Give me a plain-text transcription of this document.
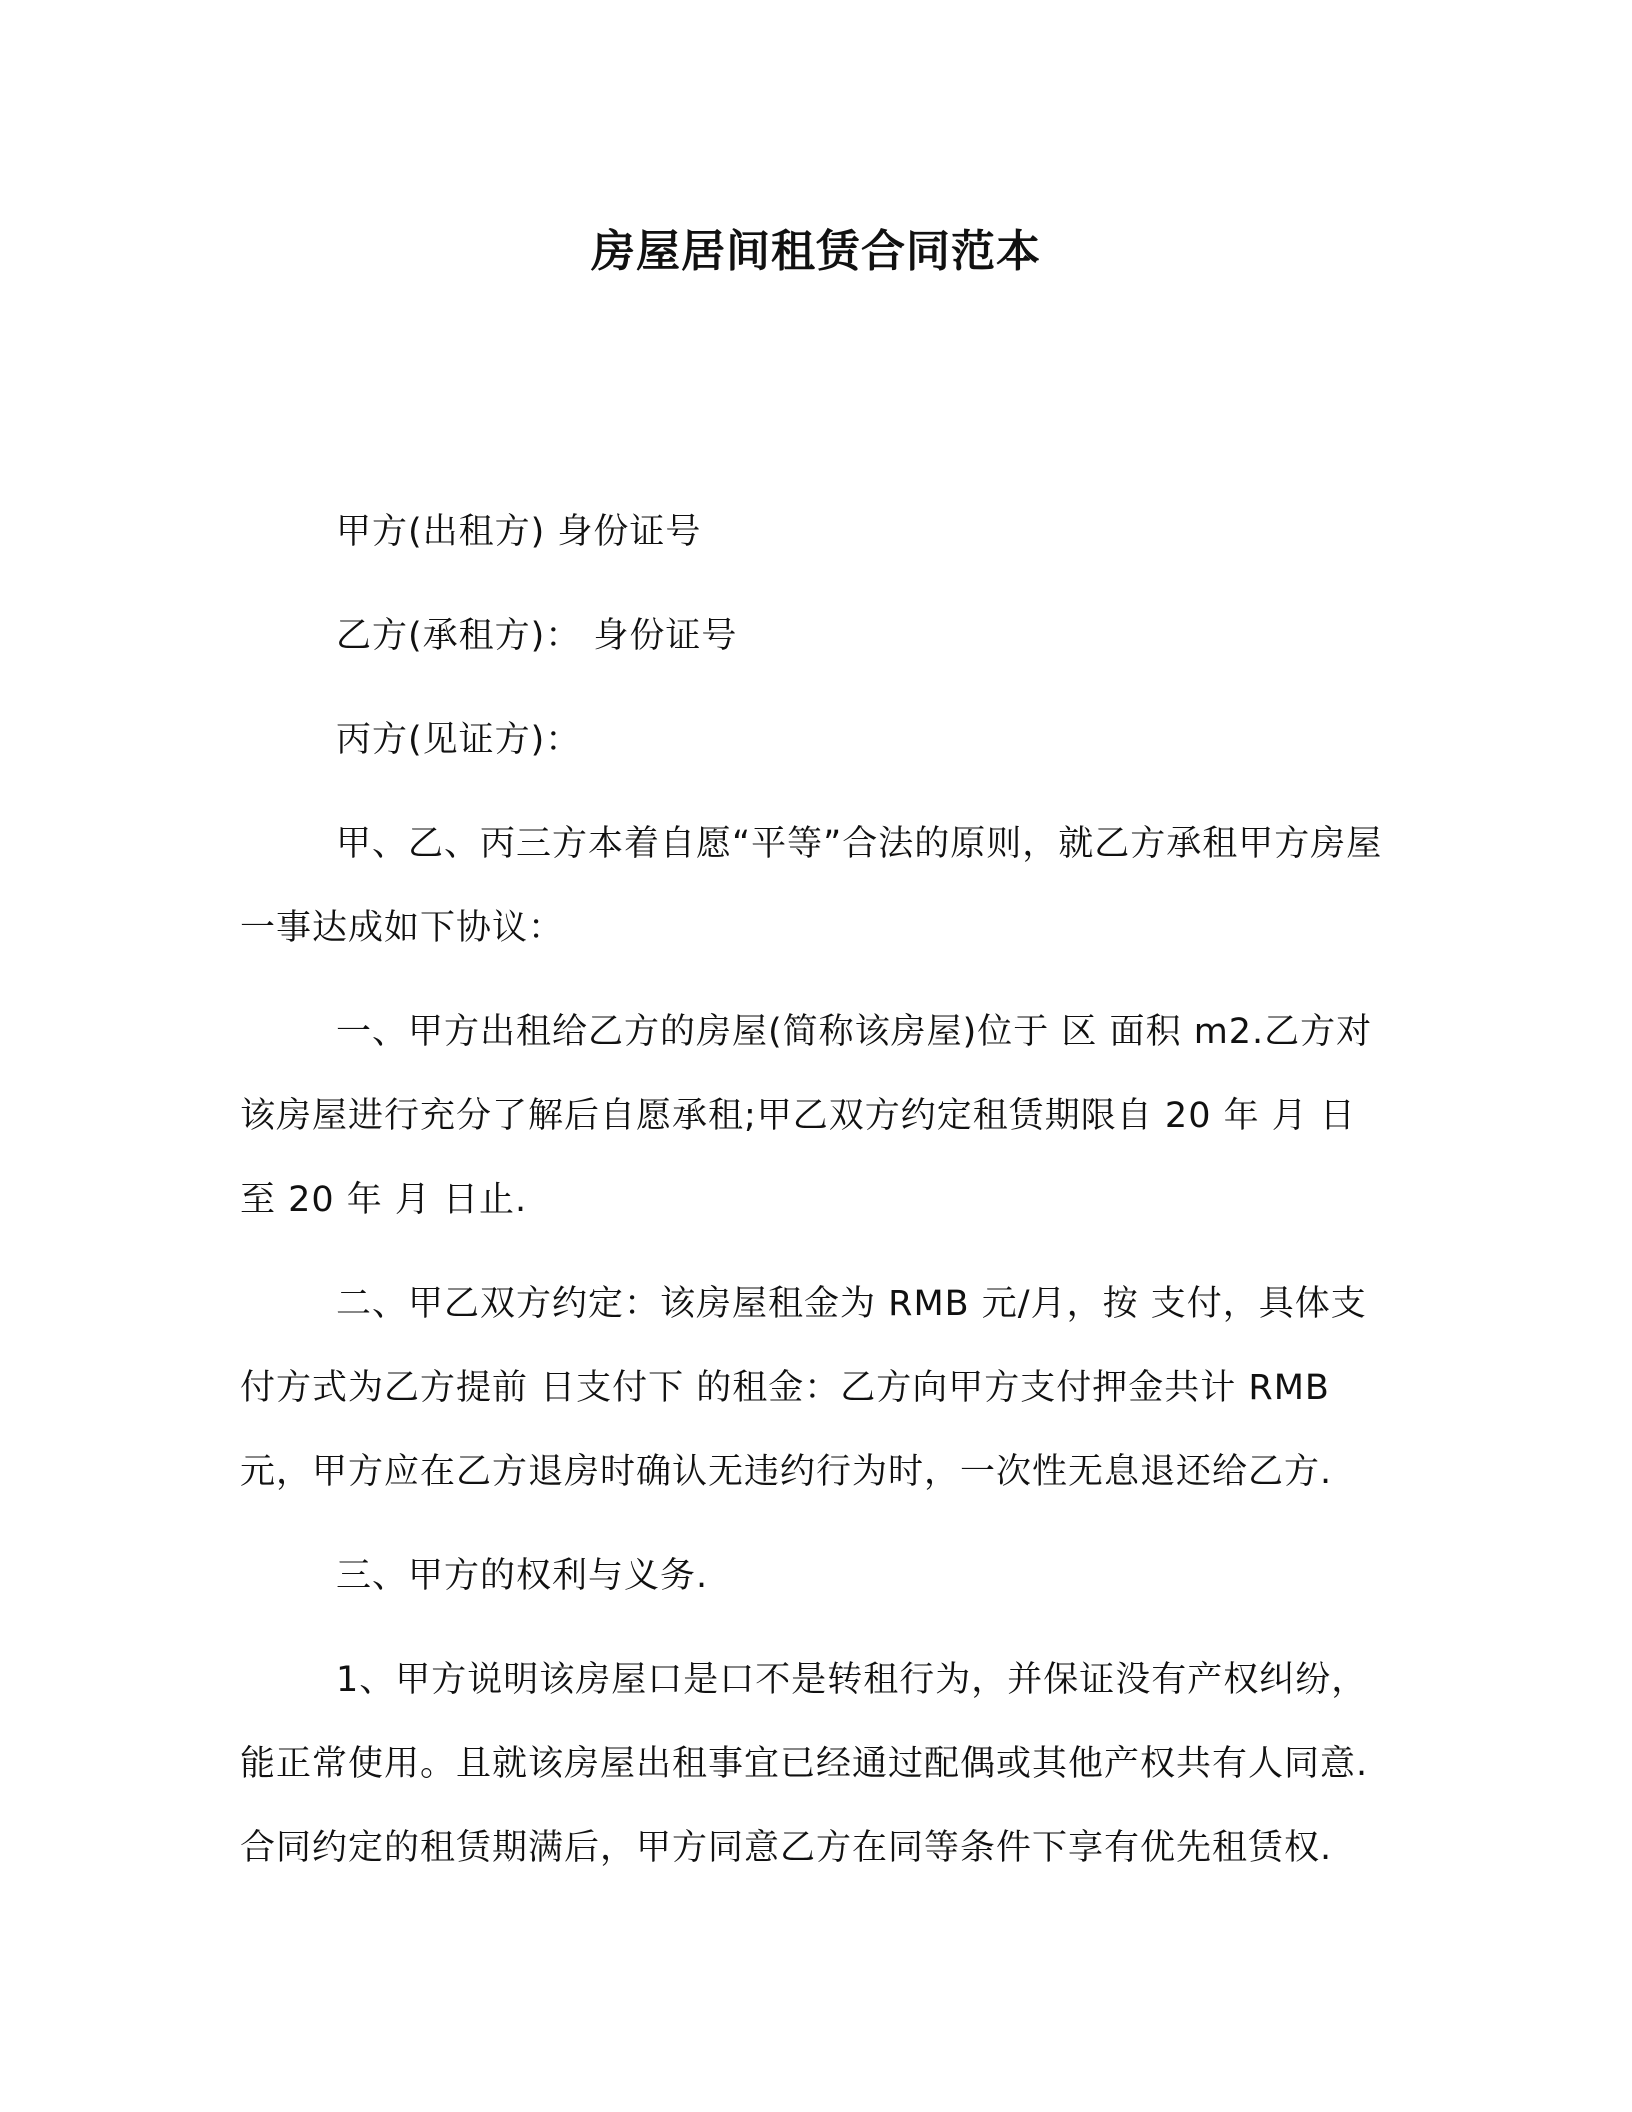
房屋居间租赁合同范本

甲方(出租方) 身份证号

乙方(承租方)： 身份证号

丙方(见证方)：

甲、乙、丙三方本着自愿“平等”合法的原则，就乙方承租甲方房屋一事达成如下协议：

一、甲方出租给乙方的房屋(简称该房屋)位于 区 面积 m2.乙方对该房屋进行充分了解后自愿承租;甲乙双方约定租赁期限自 20 年 月 日至 20 年 月 日止.

二、甲乙双方约定：该房屋租金为 RMB 元/月，按 支付，具体支付方式为乙方提前 日支付下 的租金：乙方向甲方支付押金共计 RMB 元，甲方应在乙方退房时确认无违约行为时，一次性无息退还给乙方.

三、甲方的权利与义务.

1、甲方说明该房屋口是口不是转租行为，并保证没有产权纠纷，能正常使用。且就该房屋出租事宜已经通过配偶或其他产权共有人同意.合同约定的租赁期满后，甲方同意乙方在同等条件下享有优先租赁权.
